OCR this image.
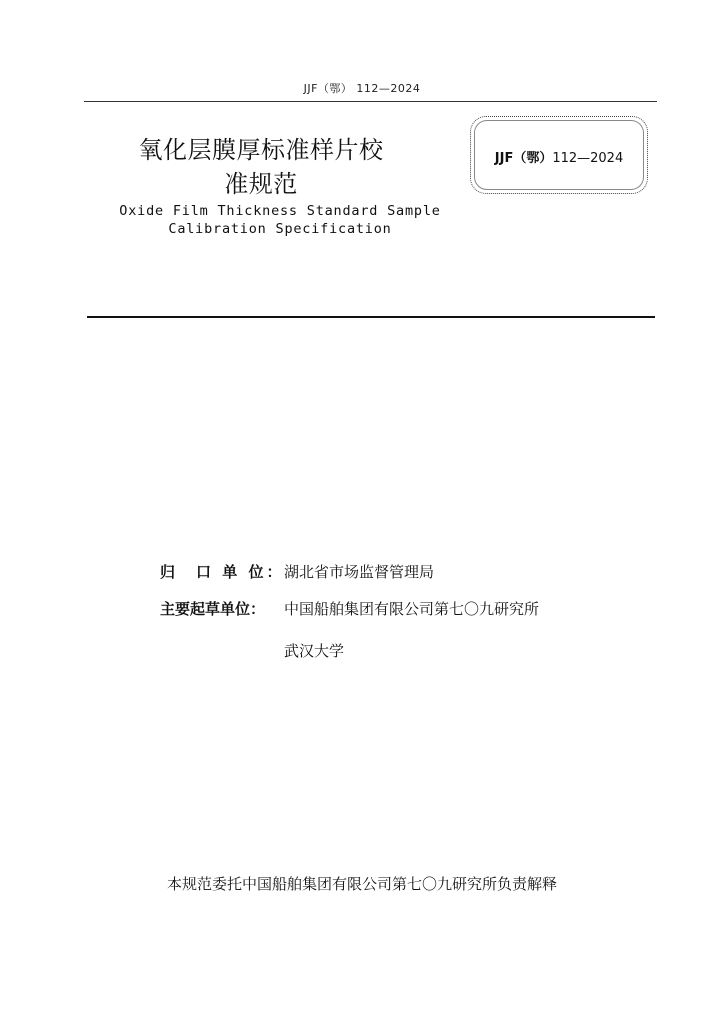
JJF（鄂） 112—2024
氧化层膜厚标准样片校
准规范
Oxide Film Thickness Standard Sample
Calibration Specification
JJF（鄂）112—2024
归　口 单 位： 湖北省市场监督管理局
主要起草单位： 中国船舶集团有限公司第七〇九研究所
武汉大学
本规范委托中国船舶集团有限公司第七〇九研究所负责解释
